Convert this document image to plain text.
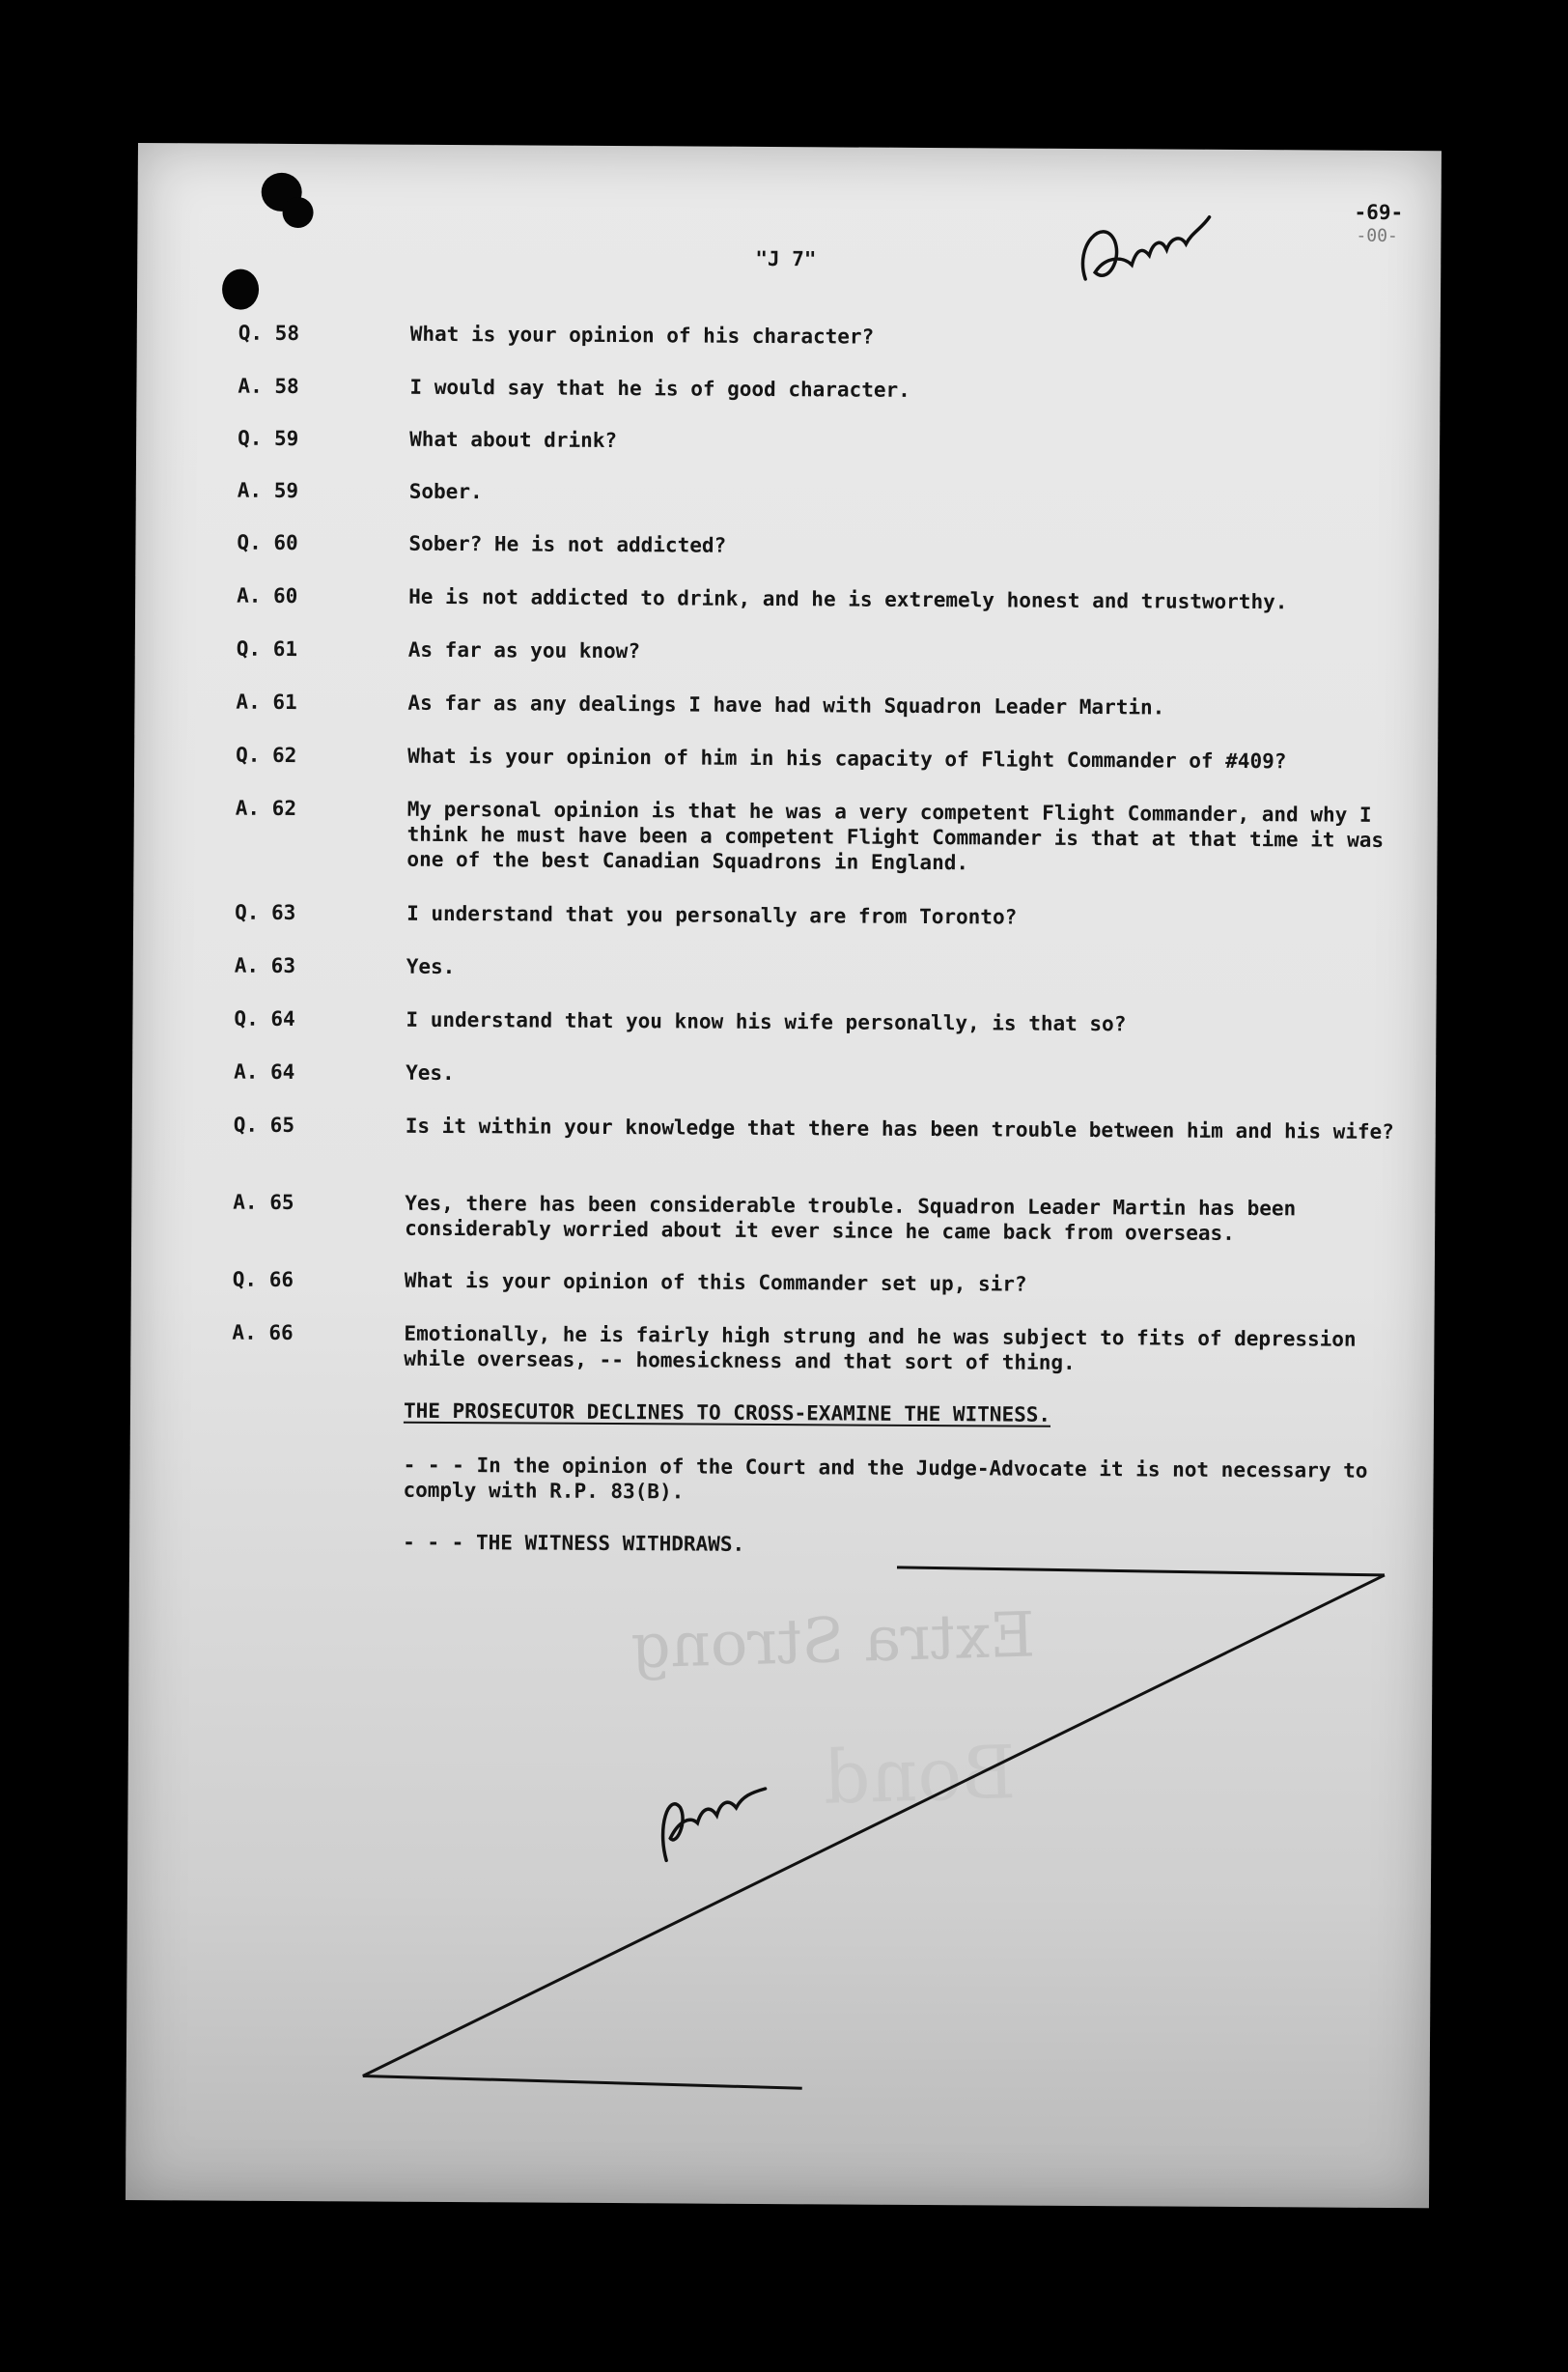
-69-
-00-
"J 7"
Q. 58	What is your opinion of his character?
A. 58	I would say that he is of good character.
Q. 59	What about drink?
A. 59	Sober.
Q. 60	Sober? He is not addicted?
A. 60	He is not addicted to drink, and he is extremely honest and trustworthy.
Q. 61	As far as you know?
A. 61	As far as any dealings I have had with Squadron Leader Martin.
Q. 62	What is your opinion of him in his capacity of Flight Commander of #409?
A. 62	My personal opinion is that he was a very competent Flight Commander, and why I think he must have been a competent Flight Commander is that at that time it was one of the best Canadian Squadrons in England.
Q. 63	I understand that you personally are from Toronto?
A. 63	Yes.
Q. 64	I understand that you know his wife personally, is that so?
A. 64	Yes.
Q. 65	Is it within your knowledge that there has been trouble between him and his wife?
A. 65	Yes, there has been considerable trouble. Squadron Leader Martin has been considerably worried about it ever since he came back from overseas.
Q. 66	What is your opinion of this Commander set up, sir?
A. 66	Emotionally, he is fairly high strung and he was subject to fits of depression while overseas, -- homesickness and that sort of thing.
THE PROSECUTOR DECLINES TO CROSS-EXAMINE THE WITNESS.
- - - In the opinion of the Court and the Judge-Advocate it is not necessary to comply with R.P. 83(B).
- - - THE WITNESS WITHDRAWS.
Extra Strong
Bond
